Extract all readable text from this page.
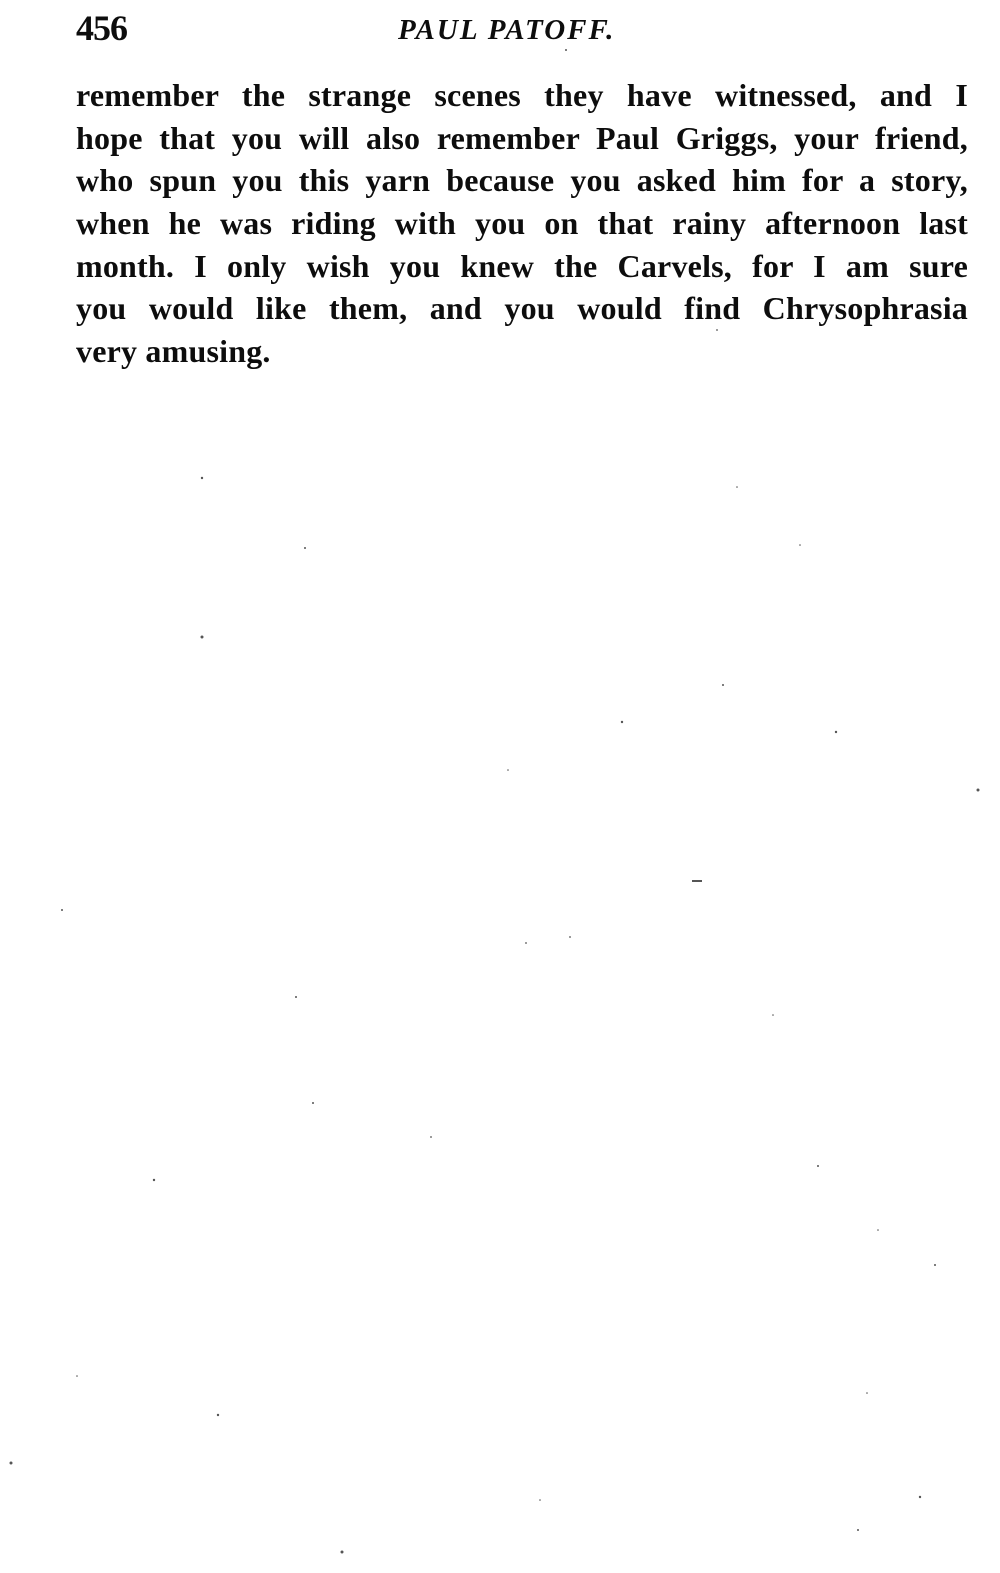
456	PAUL PATOFF.
remember the strange scenes they have witnessed, and I
hope that you will also remember Paul Griggs, your friend,
who spun you this yarn because you asked him for a story,
when he was riding with you on that rainy afternoon last
month. I only wish you knew the Carvels, for I am sure
you would like them, and you would find Chrysophrasia
very amusing.
